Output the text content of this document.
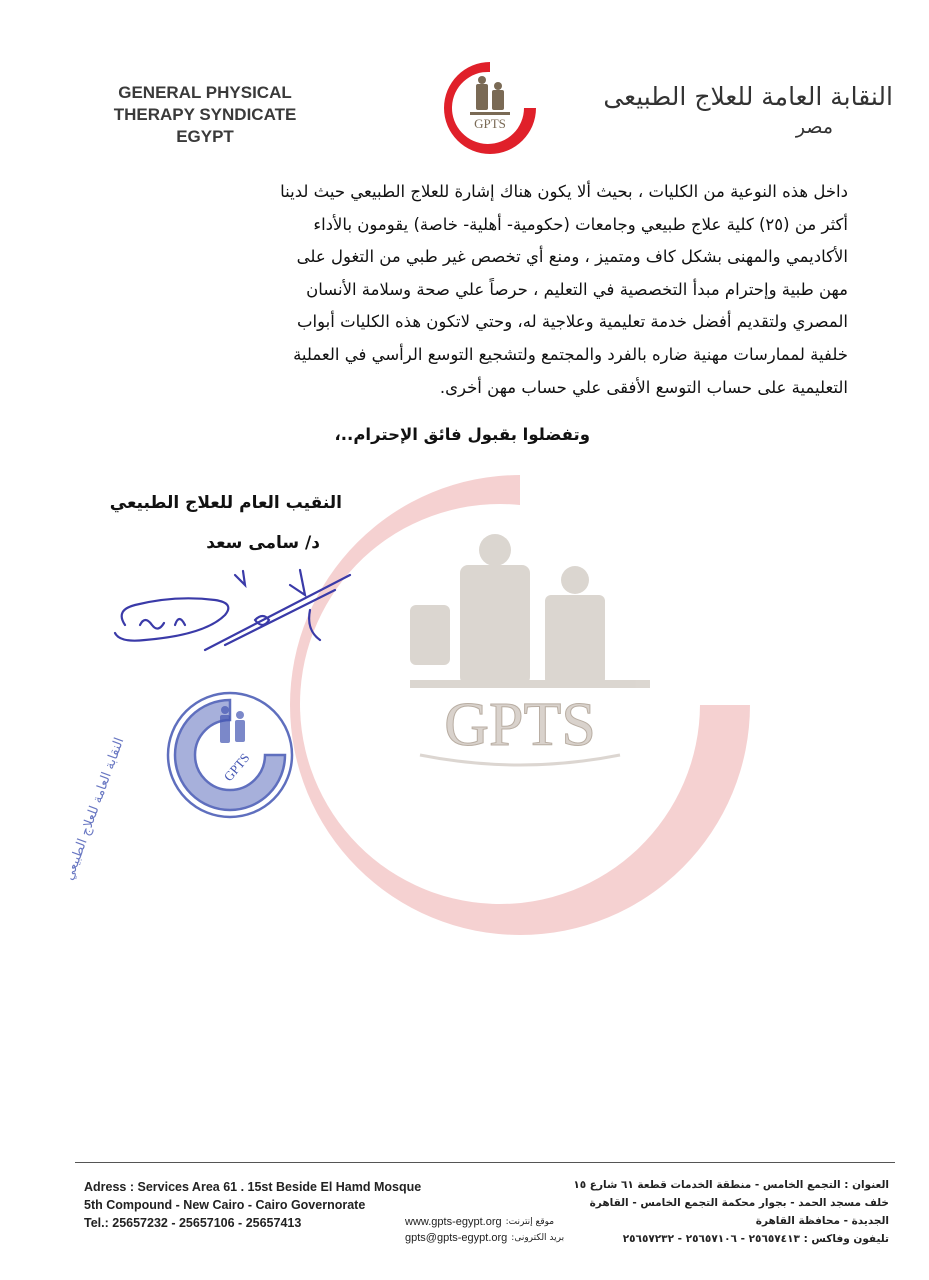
GPTS
GENERAL PHYSICAL
THERAPY SYNDICATE
EGYPT
GPTS
النقابة العامة للعلاج الطبيعى
مصر

داخل هذه النوعية من الكليات ، بحيث ألا يكون هناك إشارة للعلاج الطبيعي حيث لدينا

أكثر من (٢٥) كلية علاج طبيعي وجامعات (حكومية- أهلية- خاصة) يقومون بالأداء

الأكاديمي والمهنى بشكل كاف ومتميز ، ومنع أي تخصص غير طبي من التغول على

مهن طبية وإحترام مبدأ التخصصية في التعليم ، حرصاً علي صحة وسلامة الأنسان

المصري ولتقديم أفضل خدمة تعليمية وعلاجية له، وحتي لاتكون هذه الكليات أبواب

خلفية لممارسات مهنية ضاره بالفرد والمجتمع ولتشجيع التوسع الرأسي في العملية

التعليمية على حساب التوسع الأفقى علي حساب مهن أخرى.

وتفضلوا بقبول فائق الإحترام..،
النقيب العام للعلاج الطبيعي
د/ سامى سعد
GPTS
النقابة العامة للعلاج الطبيعي
Adress : Services Area 61 . 15st Beside El Hamd Mosque
5th Compound - New Cairo - Cairo Governorate
Tel.: 25657232 - 25657106 - 25657413	www.gpts-egypt.org موقع إنترنت:
gpts@gpts-egypt.org بريد الكترونى:
العنوان : التجمع الخامس - منطقة الخدمات قطعة ٦١ شارع ١٥
خلف مسجد الحمد - بجوار محكمة التجمع الخامس - القاهرة الجديدة - محافظة القاهرة
تليفون وفاكس : ٢٥٦٥٧٤١٣ - ٢٥٦٥٧١٠٦ - ٢٥٦٥٧٢٣٢
